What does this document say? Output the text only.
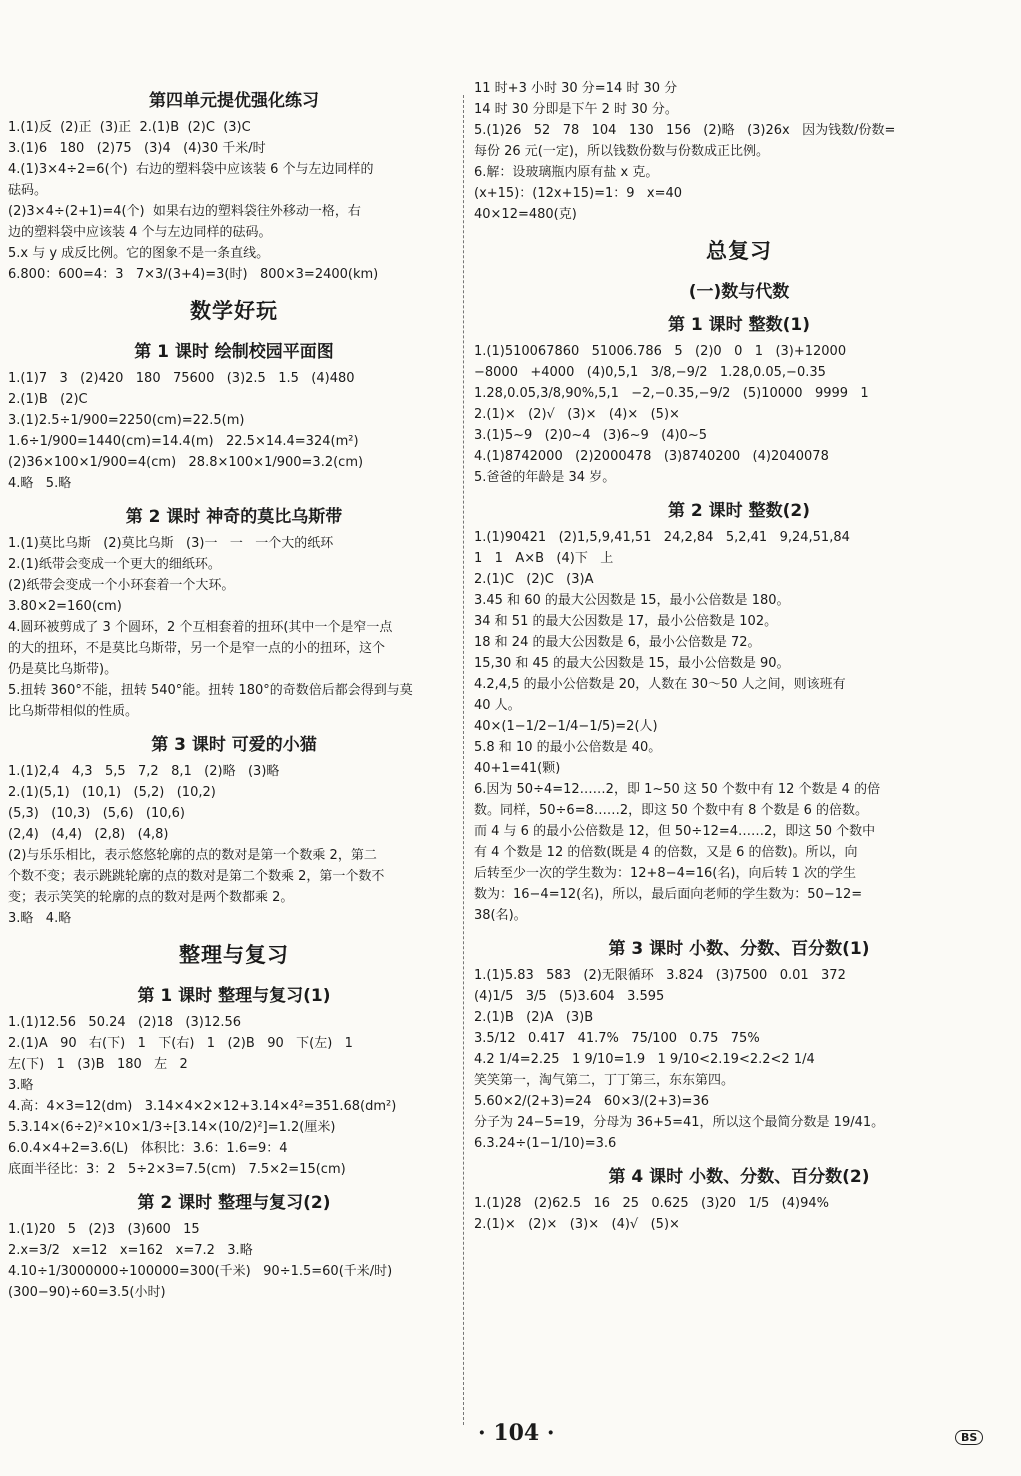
第四单元提优强化练习
1.(1)反  (2)正  (3)正  2.(1)B  (2)C  (3)C
3.(1)6   180   (2)75   (3)4   (4)30 千米/时
4.(1)3×4÷2=6(个)  右边的塑料袋中应该装 6 个与左边同样的
砝码。
(2)3×4÷(2+1)=4(个)  如果右边的塑料袋往外移动一格，右
边的塑料袋中应该装 4 个与左边同样的砝码。
5.x 与 y 成反比例。它的图象不是一条直线。
6.800：600=4：3   7×3/(3+4)=3(时)   800×3=2400(km)
数学好玩
第 1 课时 绘制校园平面图
1.(1)7   3   (2)420   180   75600   (3)2.5   1.5   (4)480
2.(1)B   (2)C
3.(1)2.5÷1/900=2250(cm)=22.5(m)
1.6÷1/900=1440(cm)=14.4(m)   22.5×14.4=324(m²)
(2)36×100×1/900=4(cm)   28.8×100×1/900=3.2(cm)
4.略   5.略
第 2 课时 神奇的莫比乌斯带
1.(1)莫比乌斯   (2)莫比乌斯   (3)一   一   一个大的纸环
2.(1)纸带会变成一个更大的细纸环。
(2)纸带会变成一个小环套着一个大环。
3.80×2=160(cm)
4.圆环被剪成了 3 个圆环，2 个互相套着的扭环(其中一个是窄一点
的大的扭环，不是莫比乌斯带，另一个是窄一点的小的扭环，这个
仍是莫比乌斯带)。
5.扭转 360°不能，扭转 540°能。扭转 180°的奇数倍后都会得到与莫
比乌斯带相似的性质。
第 3 课时 可爱的小猫
1.(1)2,4   4,3   5,5   7,2   8,1   (2)略   (3)略
2.(1)(5,1)   (10,1)   (5,2)   (10,2)
(5,3)   (10,3)   (5,6)   (10,6)
(2,4)   (4,4)   (2,8)   (4,8)
(2)与乐乐相比，表示悠悠轮廓的点的数对是第一个数乘 2，第二
个数不变；表示跳跳轮廓的点的数对是第二个数乘 2，第一个数不
变；表示笑笑的轮廓的点的数对是两个数都乘 2。
3.略   4.略
整理与复习
第 1 课时 整理与复习(1)
1.(1)12.56   50.24   (2)18   (3)12.56
2.(1)A   90   右(下)   1   下(右)   1   (2)B   90   下(左)   1
左(下)   1   (3)B   180   左   2
3.略
4.高：4×3=12(dm)   3.14×4×2×12+3.14×4²=351.68(dm²)
5.3.14×(6÷2)²×10×1/3÷[3.14×(10/2)²]=1.2(厘米)
6.0.4×4+2=3.6(L)   体积比：3.6：1.6=9：4
底面半径比：3：2   5÷2×3=7.5(cm)   7.5×2=15(cm)
第 2 课时 整理与复习(2)
1.(1)20   5   (2)3   (3)600   15
2.x=3/2   x=12   x=162   x=7.2   3.略
4.10÷1/3000000÷100000=300(千米)   90÷1.5=60(千米/时)
(300−90)÷60=3.5(小时)
11 时+3 小时 30 分=14 时 30 分
14 时 30 分即是下午 2 时 30 分。
5.(1)26   52   78   104   130   156   (2)略   (3)26x   因为钱数/份数=
每份 26 元(一定)，所以钱数份数与份数成正比例。
6.解：设玻璃瓶内原有盐 x 克。
(x+15)：(12x+15)=1：9   x=40
40×12=480(克)
总复习
(一)数与代数
第 1 课时 整数(1)
1.(1)510067860   51006.786   5   (2)0   0   1   (3)+12000
−8000   +4000   (4)0,5,1   3/8,−9/2   1.28,0.05,−0.35
1.28,0.05,3/8,90%,5,1   −2,−0.35,−9/2   (5)10000   9999   1
2.(1)×   (2)√   (3)×   (4)×   (5)×
3.(1)5~9   (2)0~4   (3)6~9   (4)0~5
4.(1)8742000   (2)2000478   (3)8740200   (4)2040078
5.爸爸的年龄是 34 岁。
第 2 课时 整数(2)
1.(1)90421   (2)1,5,9,41,51   24,2,84   5,2,41   9,24,51,84
1   1   A×B   (4)下   上
2.(1)C   (2)C   (3)A
3.45 和 60 的最大公因数是 15，最小公倍数是 180。
34 和 51 的最大公因数是 17，最小公倍数是 102。
18 和 24 的最大公因数是 6，最小公倍数是 72。
15,30 和 45 的最大公因数是 15，最小公倍数是 90。
4.2,4,5 的最小公倍数是 20，人数在 30～50 人之间，则该班有
40 人。
40×(1−1/2−1/4−1/5)=2(人)
5.8 和 10 的最小公倍数是 40。
40+1=41(颗)
6.因为 50÷4=12……2，即 1~50 这 50 个数中有 12 个数是 4 的倍
数。同样，50÷6=8……2，即这 50 个数中有 8 个数是 6 的倍数。
而 4 与 6 的最小公倍数是 12，但 50÷12=4……2，即这 50 个数中
有 4 个数是 12 的倍数(既是 4 的倍数，又是 6 的倍数)。所以，向
后转至少一次的学生数为：12+8−4=16(名)，向后转 1 次的学生
数为：16−4=12(名)，所以，最后面向老师的学生数为：50−12=
38(名)。
第 3 课时 小数、分数、百分数(1)
1.(1)5.83   583   (2)无限循环   3.824   (3)7500   0.01   372
(4)1/5   3/5   (5)3.604   3.595
2.(1)B   (2)A   (3)B
3.5/12   0.417   41.7%   75/100   0.75   75%
4.2 1/4=2.25   1 9/10=1.9   1 9/10<2.19<2.2<2 1/4
笑笑第一，淘气第二，丁丁第三，东东第四。
5.60×2/(2+3)=24   60×3/(2+3)=36
分子为 24−5=19，分母为 36+5=41，所以这个最简分数是 19/41。
6.3.24÷(1−1/10)=3.6
第 4 课时 小数、分数、百分数(2)
1.(1)28   (2)62.5   16   25   0.625   (3)20   1/5   (4)94%
2.(1)×   (2)×   (3)×   (4)√   (5)×
· 104 ·	BS
